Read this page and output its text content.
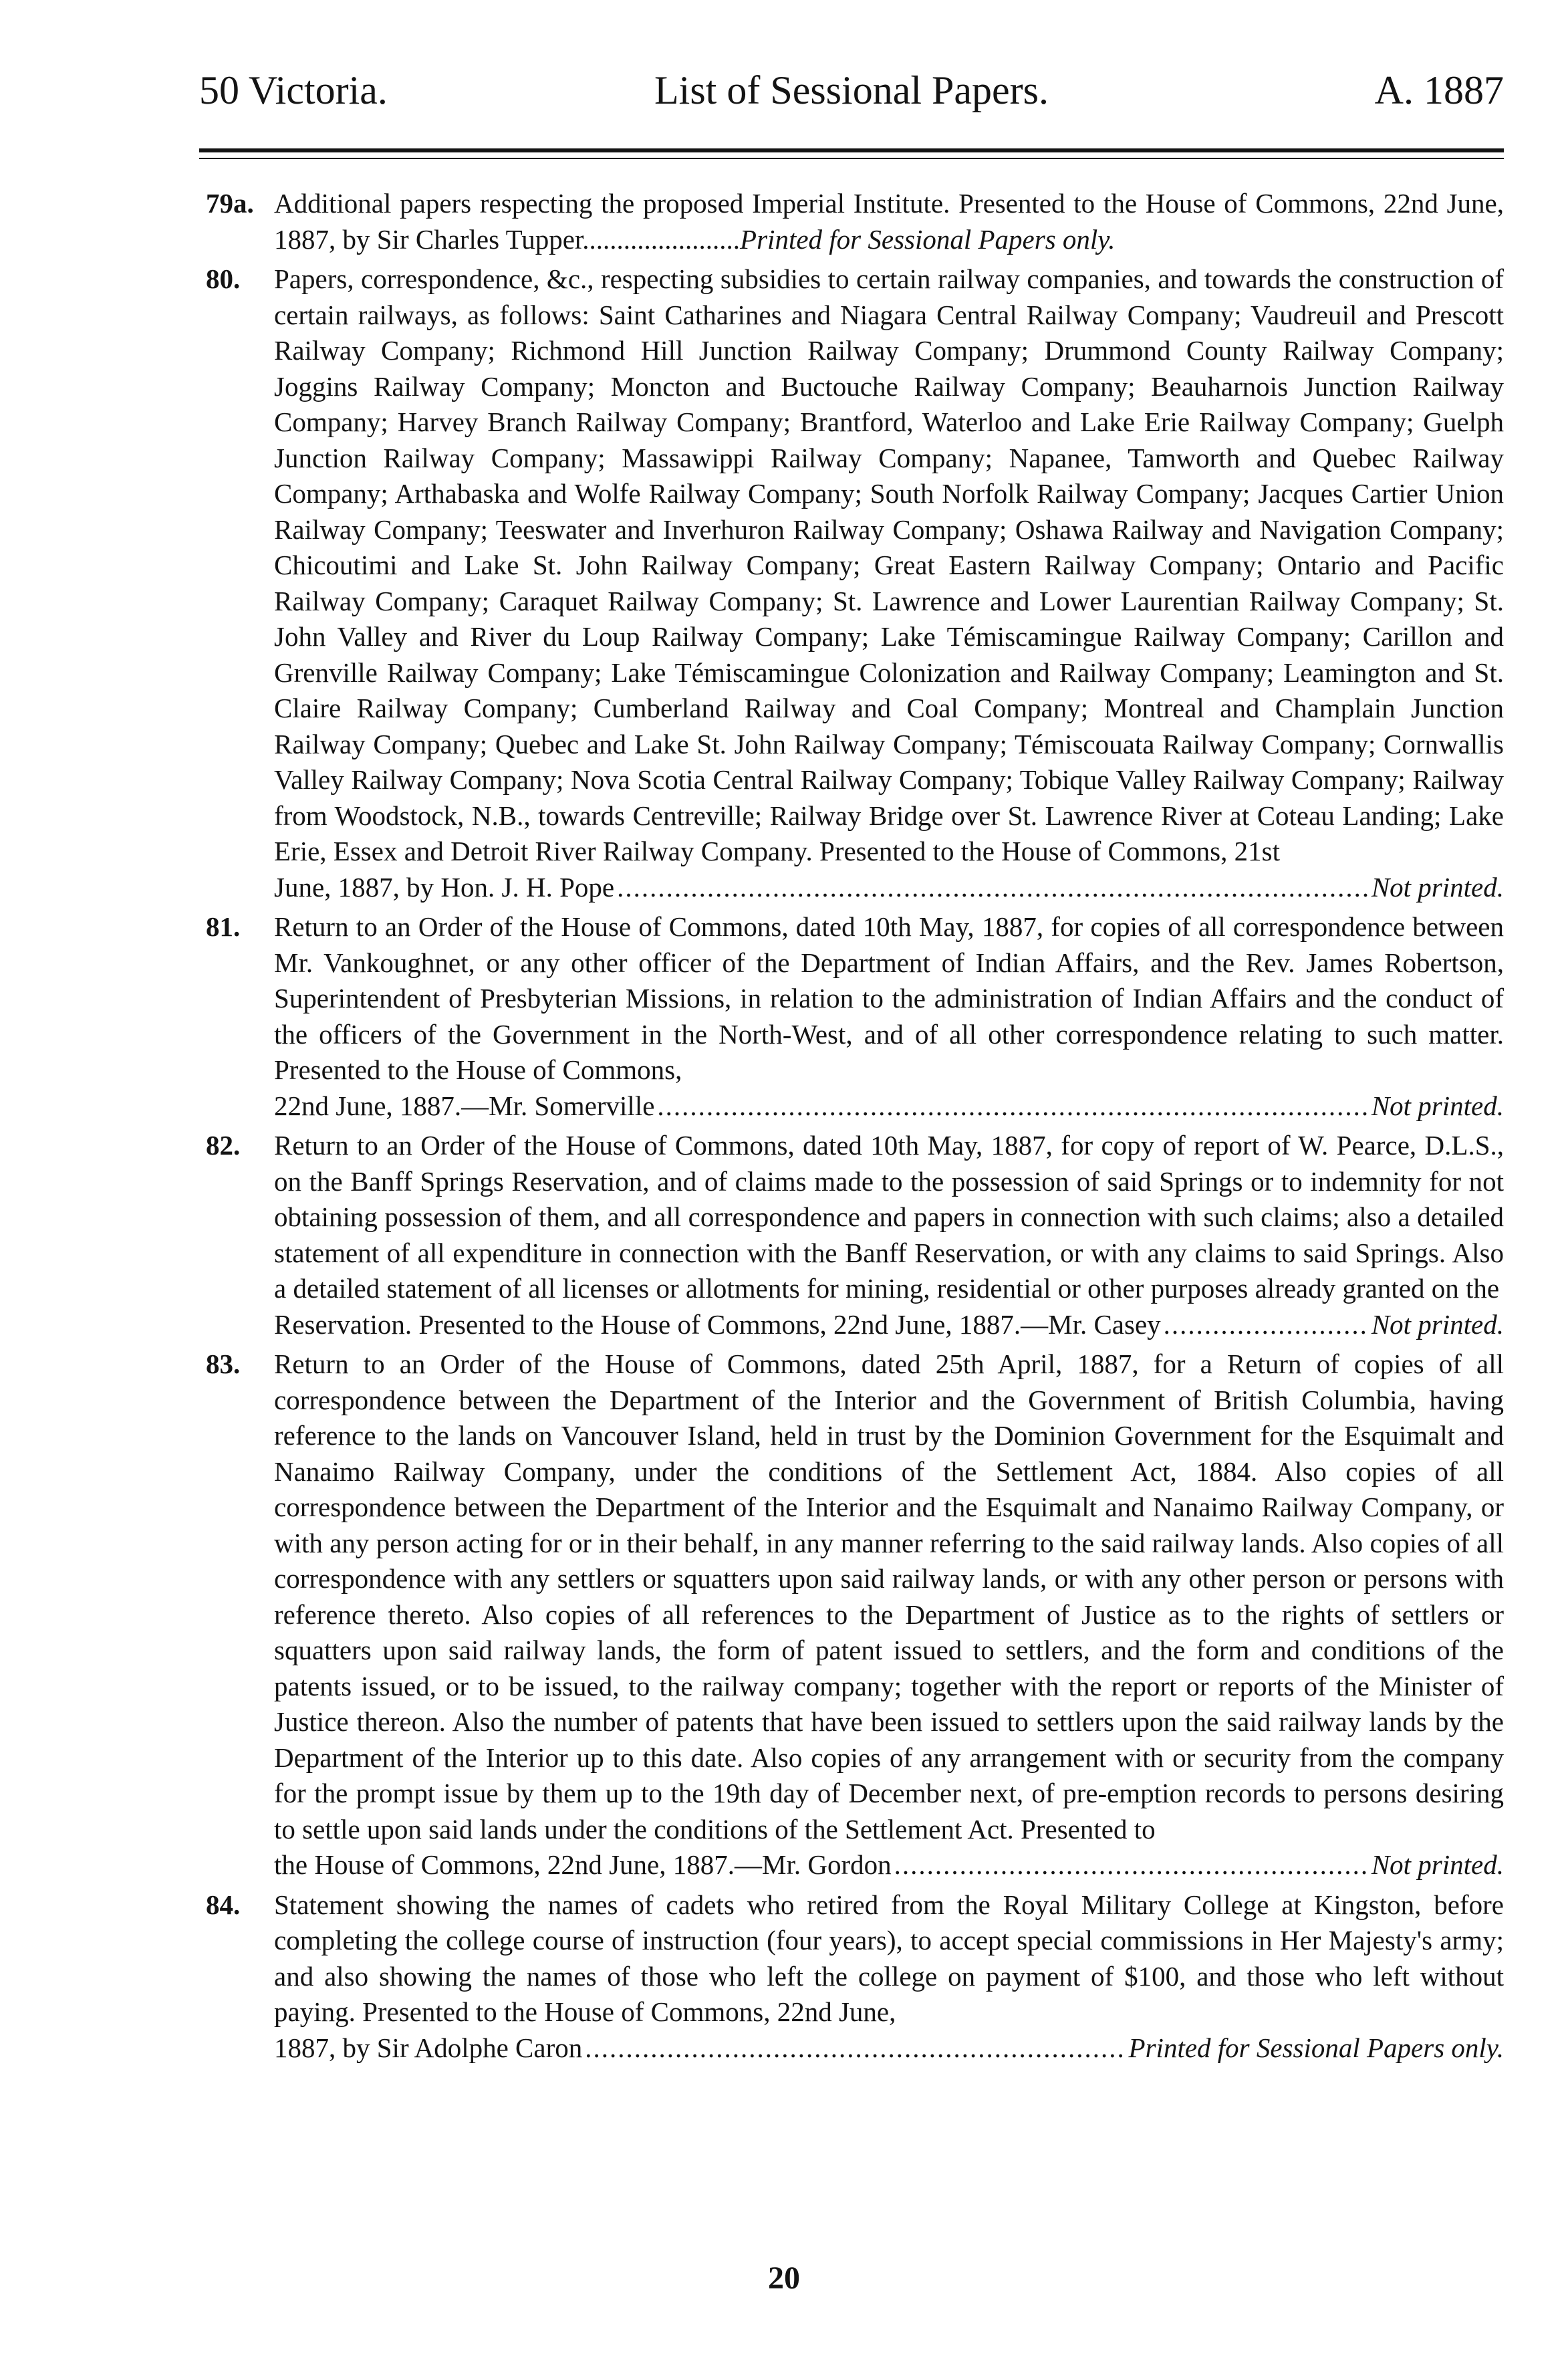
50 Victoria.	List of Sessional Papers.	A. 1887
79a. Additional papers respecting the proposed Imperial Institute. Presented to the House of Commons, 22nd June, 1887, by Sir Charles Tupper.......................Printed for Sessional Papers only.
80.	Papers, correspondence, &c., respecting subsidies to certain railway companies, and towards the construction of certain railways, as follows: Saint Catharines and Niagara Central Railway Company; Vaudreuil and Prescott Railway Company; Richmond Hill Junction Railway Company; Drummond County Railway Company; Joggins Railway Company; Moncton and Buctouche Railway Company; Beauharnois Junction Railway Company; Harvey Branch Railway Company; Brantford, Waterloo and Lake Erie Railway Company; Guelph Junction Railway Company; Massawippi Railway Company; Napanee, Tamworth and Quebec Railway Company; Arthabaska and Wolfe Railway Company; South Norfolk Railway Company; Jacques Cartier Union Railway Company; Teeswater and Inverhuron Railway Company; Oshawa Railway and Navigation Company; Chicoutimi and Lake St. John Railway Company; Great Eastern Railway Company; Ontario and Pacific Railway Company; Caraquet Railway Company; St. Lawrence and Lower Laurentian Railway Company; St. John Valley and River du Loup Railway Company; Lake Témiscamingue Railway Company; Carillon and Grenville Railway Company; Lake Témiscamingue Colonization and Railway Company; Leamington and St. Claire Railway Company; Cumberland Railway and Coal Company; Montreal and Champlain Junction Railway Company; Quebec and Lake St. John Railway Company; Témiscouata Railway Company; Cornwallis Valley Railway Company; Nova Scotia Central Railway Company; Tobique Valley Railway Company; Railway from Woodstock, N.B., towards Centreville; Railway Bridge over St. Lawrence River at Coteau Landing; Lake Erie, Essex and Detroit River Railway Company. Presented to the House of Commons, 21st
June, 1887, by Hon. J. H. Pope .....	Not printed.
81.	Return to an Order of the House of Commons, dated 10th May, 1887, for copies of all correspondence between Mr. Vankoughnet, or any other officer of the Department of Indian Affairs, and the Rev. James Robertson, Superintendent of Presbyterian Missions, in relation to the administration of Indian Affairs and the conduct of the officers of the Government in the North-West, and of all other correspondence relating to such matter. Presented to the House of Commons,
22nd June, 1887.—Mr. Somerville .....	Not printed.
82.	Return to an Order of the House of Commons, dated 10th May, 1887, for copy of report of W. Pearce, D.L.S., on the Banff Springs Reservation, and of claims made to the possession of said Springs or to indemnity for not obtaining possession of them, and all correspondence and papers in connection with such claims; also a detailed statement of all expenditure in connection with the Banff Reservation, or with any claims to said Springs. Also a detailed statement of all licenses or allotments for mining, residential or other purposes already granted on the
Reservation. Presented to the House of Commons, 22nd June, 1887.—Mr. Casey .....	Not printed.
83.	Return to an Order of the House of Commons, dated 25th April, 1887, for a Return of copies of all correspondence between the Department of the Interior and the Government of British Columbia, having reference to the lands on Vancouver Island, held in trust by the Dominion Government for the Esquimalt and Nanaimo Railway Company, under the conditions of the Settlement Act, 1884. Also copies of all correspondence between the Department of the Interior and the Esquimalt and Nanaimo Railway Company, or with any person acting for or in their behalf, in any manner referring to the said railway lands. Also copies of all correspondence with any settlers or squatters upon said railway lands, or with any other person or persons with reference thereto. Also copies of all references to the Department of Justice as to the rights of settlers or squatters upon said railway lands, the form of patent issued to settlers, and the form and conditions of the patents issued, or to be issued, to the railway company; together with the report or reports of the Minister of Justice thereon. Also the number of patents that have been issued to settlers upon the said railway lands by the Department of the Interior up to this date. Also copies of any arrangement with or security from the company for the prompt issue by them up to the 19th day of December next, of pre-emption records to persons desiring to settle upon said lands under the conditions of the Settlement Act. Presented to
the House of Commons, 22nd June, 1887.—Mr. Gordon .....	Not printed.
84.	Statement showing the names of cadets who retired from the Royal Military College at Kingston, before completing the college course of instruction (four years), to accept special commissions in Her Majesty's army; and also showing the names of those who left the college on payment of $100, and those who left without paying. Presented to the House of Commons, 22nd June,
1887, by Sir Adolphe Caron .....	Printed for Sessional Papers only.
20
